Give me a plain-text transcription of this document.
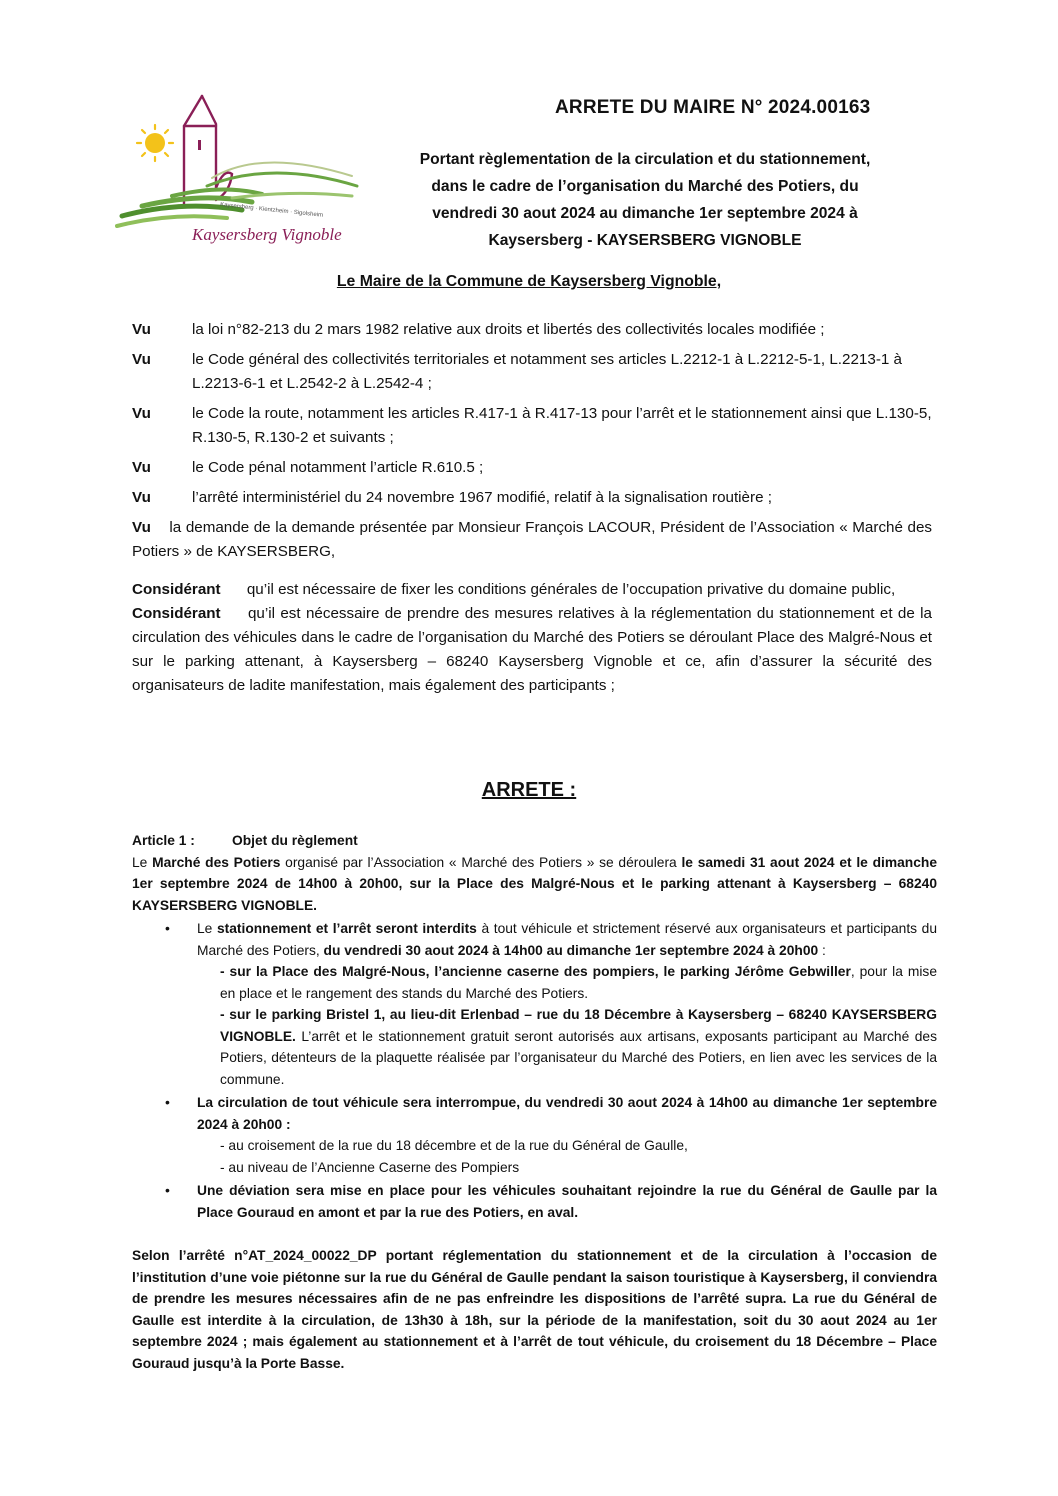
Kaysersberg · Kientzheim · Sigolsheim
Kaysersberg Vignoble
ARRETE DU MAIRE N° 2024.00163
Portant règlementation de la circulation et du stationnement,
dans le cadre de l’organisation du Marché des Potiers, du
vendredi 30 aout 2024 au dimanche 1er septembre 2024 à
Kaysersberg - KAYSERSBERG VIGNOBLE
Le Maire de la Commune de Kaysersberg Vignoble,
Vu	la loi n°82-213 du 2 mars 1982 relative aux droits et libertés des collectivités locales modifiée ;
Vu	le Code général des collectivités territoriales et notamment ses articles L.2212-1 à L.2212-5-1, L.2213-1 à L.2213-6-1 et L.2542-2 à L.2542-4 ;
Vu	le Code la route, notamment les articles R.417-1 à R.417-13 pour l’arrêt et le stationnement ainsi que L.130-5, R.130-5, R.130-2 et suivants ;
Vu	le Code pénal notamment l’article R.610.5 ;
Vu	l’arrêté interministériel du 24 novembre 1967 modifié, relatif à la signalisation routière ;
Vu la demande de la demande présentée par Monsieur François LACOUR, Président de l’Association « Marché des Potiers » de KAYSERSBERG,
Considérant qu’il est nécessaire de fixer les conditions générales de l’occupation privative du domaine public,
Considérant qu’il est nécessaire de prendre des mesures relatives à la réglementation du stationnement et de la circulation des véhicules dans le cadre de l’organisation du Marché des Potiers se déroulant Place des Malgré-Nous et sur le parking attenant, à Kaysersberg – 68240 Kaysersberg Vignoble et ce, afin d’assurer la sécurité des organisateurs de ladite manifestation, mais également des participants ;
ARRETE :
Article 1 :	Objet du règlement
Le Marché des Potiers organisé par l’Association « Marché des Potiers » se déroulera le samedi 31 aout 2024 et le dimanche 1er septembre 2024 de 14h00 à 20h00, sur la Place des Malgré-Nous et le parking attenant à Kaysersberg – 68240 KAYSERSBERG VIGNOBLE.
•	Le stationnement et l’arrêt seront interdits à tout véhicule et strictement réservé aux organisateurs et participants du Marché des Potiers, du vendredi 30 aout 2024 à 14h00 au dimanche 1er septembre 2024 à 20h00 :
- sur la Place des Malgré-Nous, l’ancienne caserne des pompiers, le parking Jérôme Gebwiller, pour la mise en place et le rangement des stands du Marché des Potiers.
- sur le parking Bristel 1, au lieu-dit Erlenbad – rue du 18 Décembre à Kaysersberg – 68240 KAYSERSBERG VIGNOBLE. L’arrêt et le stationnement gratuit seront autorisés aux artisans, exposants participant au Marché des Potiers, détenteurs de la plaquette réalisée par l’organisateur du Marché des Potiers, en lien avec les services de la commune.
•	La circulation de tout véhicule sera interrompue, du vendredi 30 aout 2024 à 14h00 au dimanche 1er septembre 2024 à 20h00 :
- au croisement de la rue du 18 décembre et de la rue du Général de Gaulle,
- au niveau de l’Ancienne Caserne des Pompiers
•	Une déviation sera mise en place pour les véhicules souhaitant rejoindre la rue du Général de Gaulle par la Place Gouraud en amont et par la rue des Potiers, en aval.
Selon l’arrêté n°AT_2024_00022_DP portant réglementation du stationnement et de la circulation à l’occasion de l’institution d’une voie piétonne sur la rue du Général de Gaulle pendant la saison touristique à Kaysersberg, il conviendra de prendre les mesures nécessaires afin de ne pas enfreindre les dispositions de l’arrêté supra. La rue du Général de Gaulle est interdite à la circulation, de 13h30 à 18h, sur la période de la manifestation, soit du 30 aout 2024 au 1er septembre 2024 ; mais également au stationnement et à l’arrêt de tout véhicule, du croisement du 18 Décembre – Place Gouraud jusqu’à la Porte Basse.
